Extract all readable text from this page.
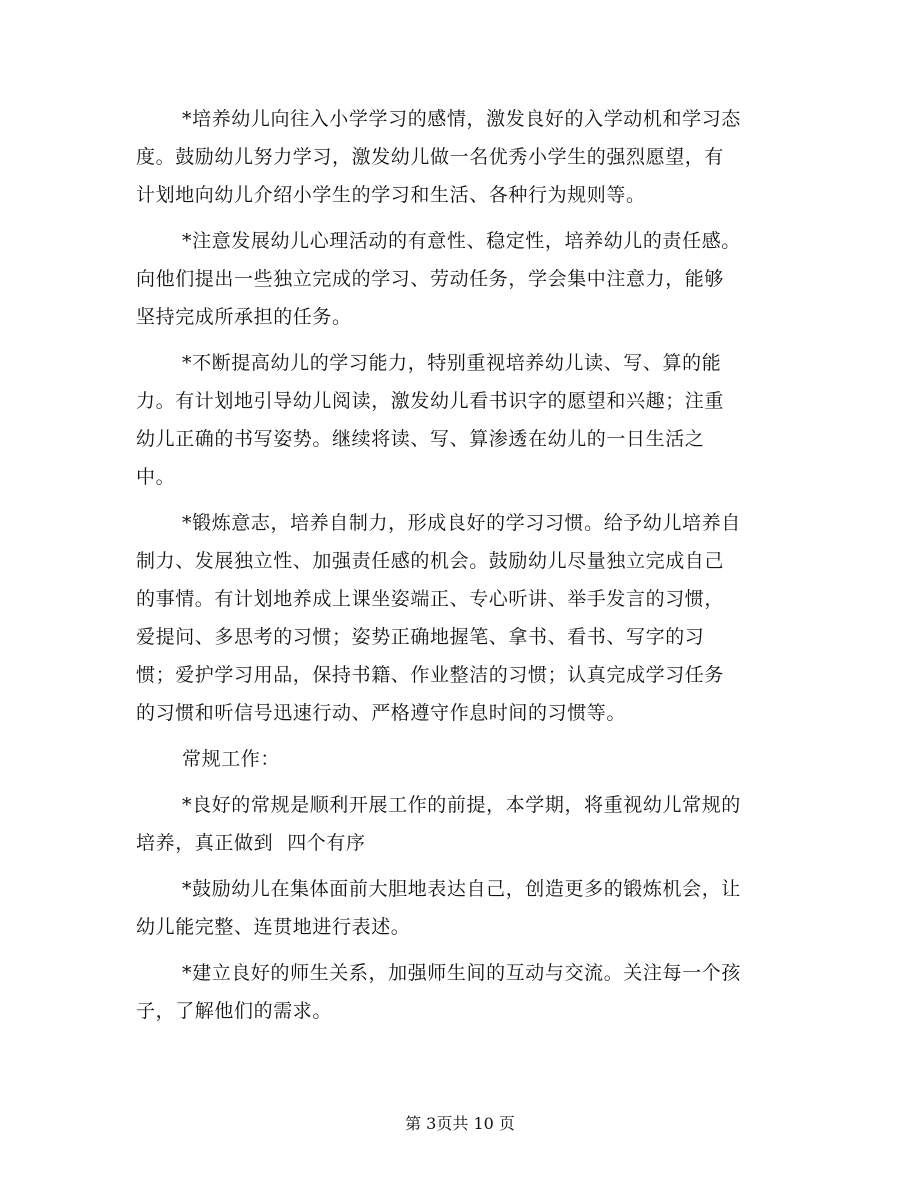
*培养幼儿向往入小学学习的感情，激发良好的入学动机和学习态
度。鼓励幼儿努力学习，激发幼儿做一名优秀小学生的强烈愿望，有
计划地向幼儿介绍小学生的学习和生活、各种行为规则等。

*注意发展幼儿心理活动的有意性、稳定性，培养幼儿的责任感。
向他们提出一些独立完成的学习、劳动任务，学会集中注意力，能够
坚持完成所承担的任务。

*不断提高幼儿的学习能力，特别重视培养幼儿读、写、算的能
力。有计划地引导幼儿阅读，激发幼儿看书识字的愿望和兴趣；注重
幼儿正确的书写姿势。继续将读、写、算渗透在幼儿的一日生活之
中。

*锻炼意志，培养自制力，形成良好的学习习惯。给予幼儿培养自
制力、发展独立性、加强责任感的机会。鼓励幼儿尽量独立完成自己
的事情。有计划地养成上课坐姿端正、专心听讲、举手发言的习惯，
爱提问、多思考的习惯；姿势正确地握笔、拿书、看书、写字的习
惯；爱护学习用品，保持书籍、作业整洁的习惯；认真完成学习任务
的习惯和听信号迅速行动、严格遵守作息时间的习惯等。

常规工作：

*良好的常规是顺利开展工作的前提，本学期，将重视幼儿常规的
培养，真正做到 四个有序

*鼓励幼儿在集体面前大胆地表达自己，创造更多的锻炼机会，让
幼儿能完整、连贯地进行表述。

*建立良好的师生关系，加强师生间的互动与交流。关注每一个孩
子，了解他们的需求。

第 3页共 10 页
